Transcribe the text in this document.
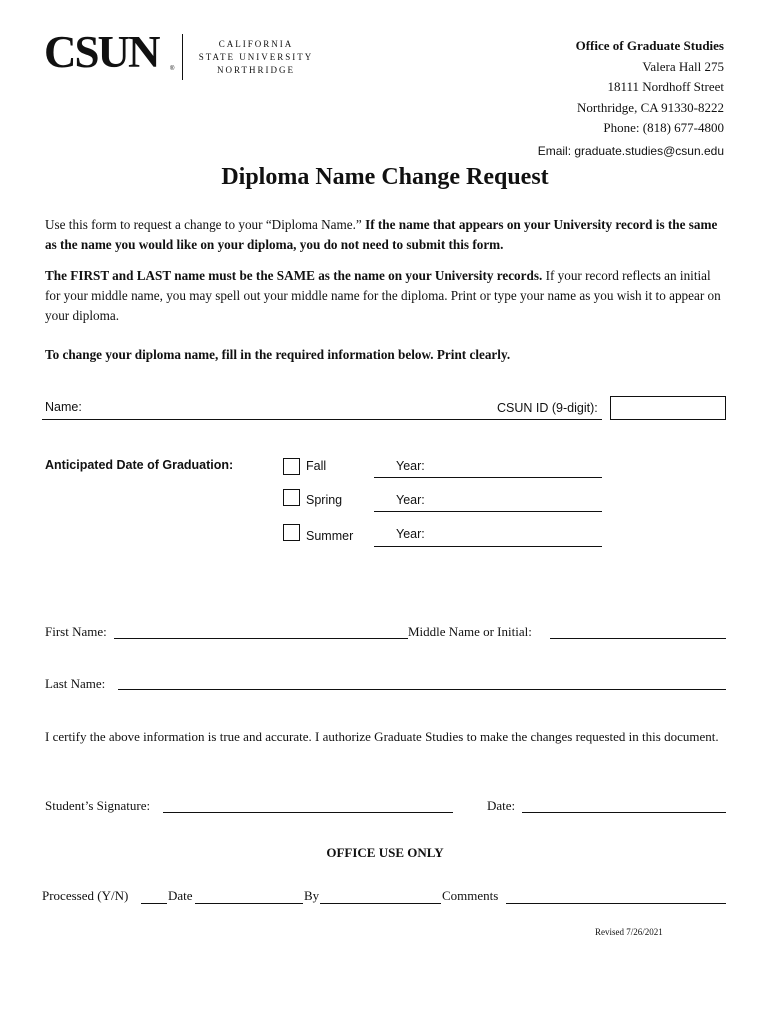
CSUN ®
CALIFORNIA
STATE UNIVERSITY
NORTHRIDGE
Office of Graduate Studies
Valera Hall 275
18111 Nordhoff Street
Northridge, CA 91330-8222
Phone: (818) 677-4800
Email: graduate.studies@csun.edu
Diploma Name Change Request
Use this form to request a change to your “Diploma Name.” If the name that appears on your University record is the same as the name you would like on your diploma, you do not need to submit this form.
The FIRST and LAST name must be the SAME as the name on your University records. If your record reflects an initial for your middle name, you may spell out your middle name for the diploma. Print or type your name as you wish it to appear on your diploma.
To change your diploma name, fill in the required information below. Print clearly.
Name:	CSUN ID (9-digit):
Anticipated Date of Graduation:	Fall	Year:
Spring	Year:
Summer	Year:
First Name:	Middle Name or Initial:
Last Name:
I certify the above information is true and accurate. I authorize Graduate Studies to make the changes requested in this document.
Student’s Signature:	Date:
OFFICE USE ONLY
Processed (Y/N)	Date	By	Comments
Revised 7/26/2021
